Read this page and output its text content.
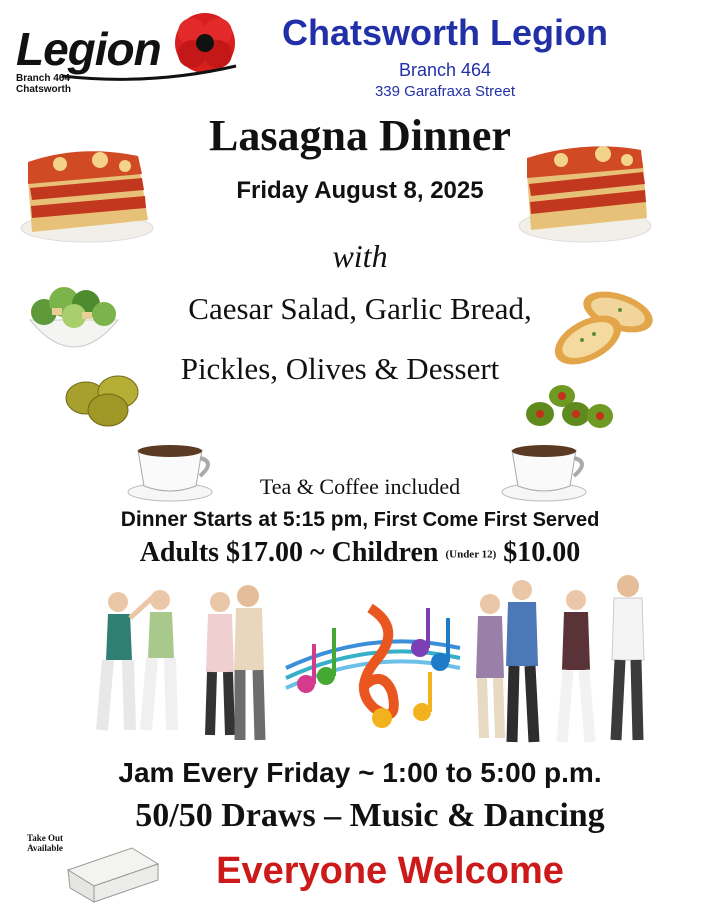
Legion
Branch 464
Chatsworth
Chatsworth Legion
Branch 464
339 Garafraxa Street
Lasagna Dinner
Friday August 8, 2025
with
Caesar Salad, Garlic Bread,
Pickles, Olives & Dessert
Tea & Coffee included
Dinner Starts at 5:15 pm, First Come First Served
Adults $17.00 ~ Children (Under 12) $10.00
Jam Every Friday ~ 1:00 to 5:00 p.m.
50/50 Draws – Music & Dancing
Take Out
Available
Everyone Welcome
